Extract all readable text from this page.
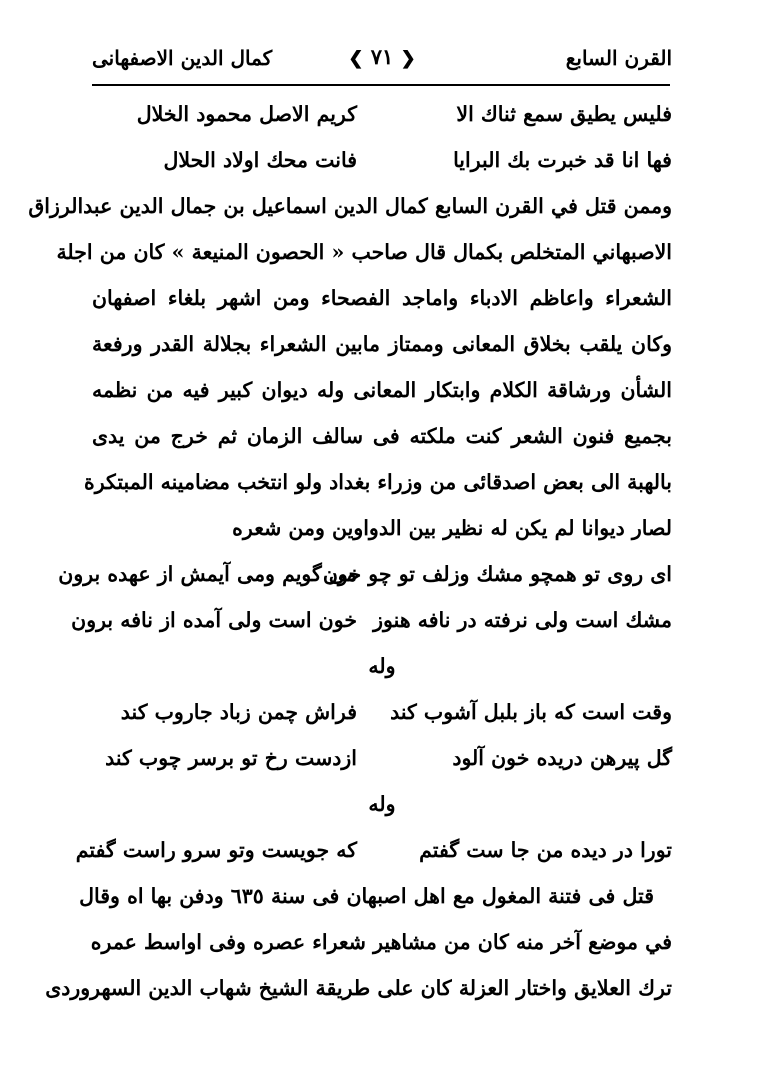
القرن السابع
❮ ٧١ ❯
كمال الدين الاصفهانى
فليس يطيق سمع ثناك الا
كريم الاصل محمود الخلال
فها انا قد خبرت بك البرايا
فانت محك اولاد الحلال
وممن قتل في القرن السابع كمال الدين اسماعيل بن جمال الدين عبدالرزاق
الاصبهاني المتخلص بكمال قال صاحب « الحصون المنيعة » كان من اجلة
الشعراء واعاظم الادباء واماجد الفصحاء ومن اشهر بلغاء اصفهان
وكان يلقب بخلاق المعانى وممتاز مابين الشعراء بجلالة القدر ورفعة
الشأن ورشاقة الكلام وابتكار المعانى وله ديوان كبير فيه من نظمه
بجميع فنون الشعر كنت ملكته فى سالف الزمان ثم خرج من يدى
بالهبة الى بعض اصدقائى من وزراء بغداد ولو انتخب مضامينه المبتكرة
لصار ديوانا لم يكن له نظير بين الدواوين ومن شعره
اى روى تو همچو مشك وزلف تو چو خون
مى گويم ومى آيمش از عهده برون
مشك است ولى نرفته در نافه هنوز
خون است ولى آمده از نافه برون
وله
وقت است كه باز بلبل آشوب كند
فراش چمن زباد جاروب كند
گل پيرهن دريده خون آلود
ازدست رخ تو برسر چوب كند
وله
تورا در ديده من جا ست گفتم
كه جويست وتو سرو راست گفتم
قتل فى فتنة المغول مع اهل اصبهان فى سنة ٦٣٥ ودفن بها اه وقال
في موضع آخر منه كان من مشاهير شعراء عصره وفى اواسط عمره
ترك العلايق واختار العزلة كان على طريقة الشيخ شهاب الدين السهروردى
